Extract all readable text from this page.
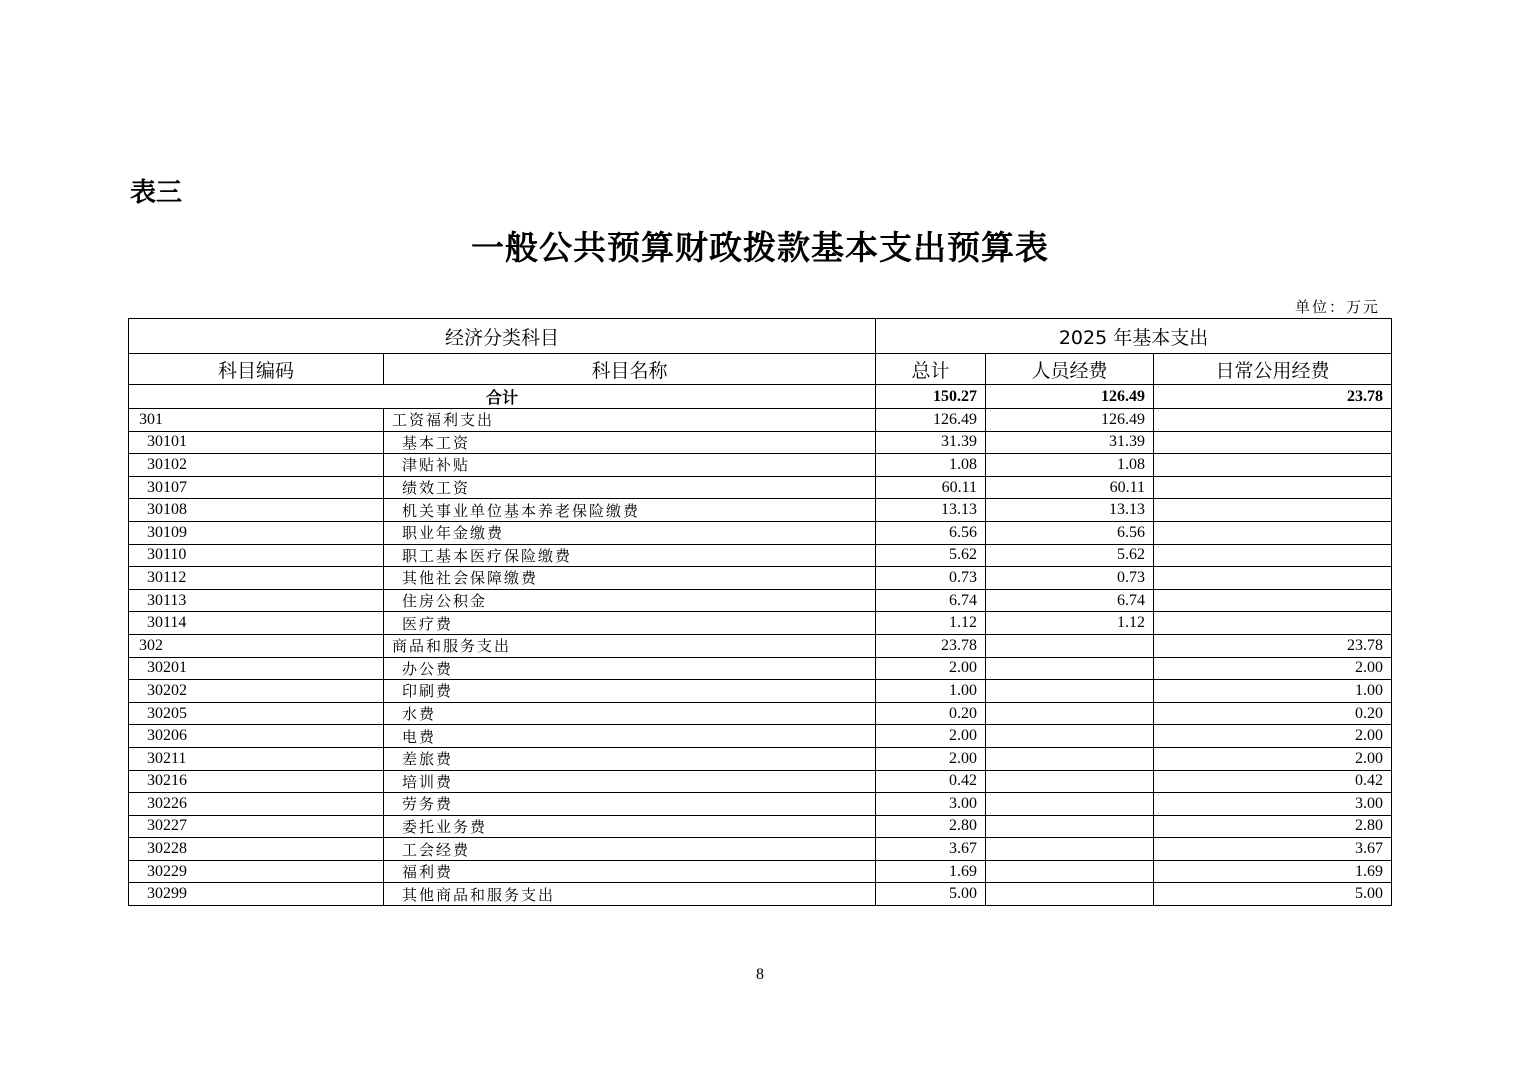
表三
一般公共预算财政拨款基本支出预算表
单位：万元
经济分类科目		2025 年基本支出		
科目编码	科目名称	总计	人员经费	日常公用经费
合计		150.27	126.49	23.78
301	工资福利支出	126.49	126.49	
30101	基本工资	31.39	31.39	
30102	津贴补贴	1.08	1.08	
30107	绩效工资	60.11	60.11	
30108	机关事业单位基本养老保险缴费	13.13	13.13	
30109	职业年金缴费	6.56	6.56	
30110	职工基本医疗保险缴费	5.62	5.62	
30112	其他社会保障缴费	0.73	0.73	
30113	住房公积金	6.74	6.74	
30114	医疗费	1.12	1.12	
302	商品和服务支出	23.78		23.78
30201	办公费	2.00		2.00
30202	印刷费	1.00		1.00
30205	水费	0.20		0.20
30206	电费	2.00		2.00
30211	差旅费	2.00		2.00
30216	培训费	0.42		0.42
30226	劳务费	3.00		3.00
30227	委托业务费	2.80		2.80
30228	工会经费	3.67		3.67
30229	福利费	1.69		1.69
30299	其他商品和服务支出	5.00		5.00
8
